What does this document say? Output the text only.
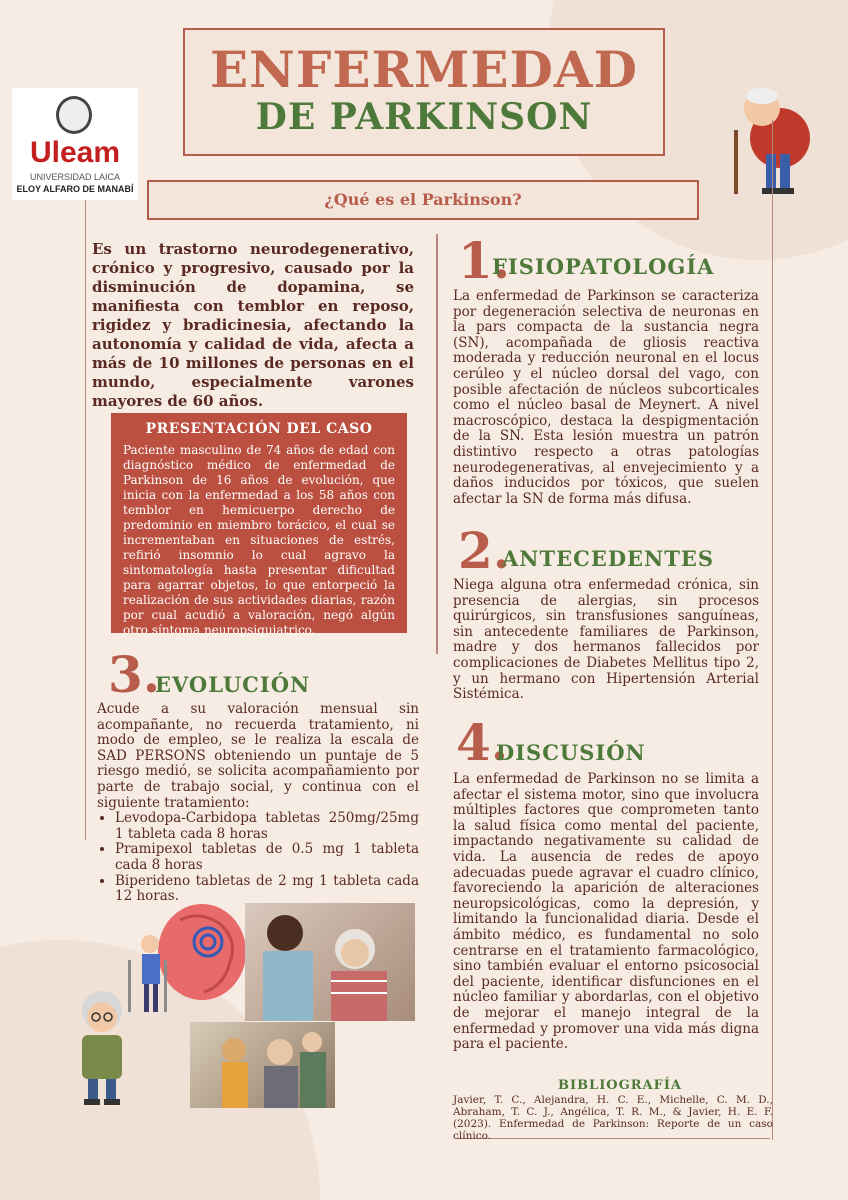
Uleam
UNIVERSIDAD LAICA
ELOY ALFARO DE MANABÍ
ENFERMEDAD
DE PARKINSON
¿Qué es el Parkinson?
Es un trastorno neurodegenerativo, crónico y progresivo, causado por la disminución de dopamina, se manifiesta con temblor en reposo, rigidez y bradicinesia, afectando la autonomía y calidad de vida, afecta a más de 10 millones de personas en el mundo, especialmente varones mayores de 60 años.
PRESENTACIÓN DEL CASO
Paciente masculino de 74 años de edad con diagnóstico médico de enfermedad de Parkinson de 16 años de evolución, que inicia con la enfermedad a los 58 años con temblor en hemicuerpo derecho de predominio en miembro torácico, el cual se incrementaban en situaciones de estrés, refirió insomnio lo cual agravo la sintomatología hasta presentar dificultad para agarrar objetos, lo que entorpeció la realización de sus actividades diarias, razón por cual acudió a valoración, negó algún otro síntoma neuropsiquiatrico.
1.
FISIOPATOLOGÍA
La enfermedad de Parkinson se caracteriza por degeneración selectiva de neuronas en la pars compacta de la sustancia negra (SN), acompañada de gliosis reactiva moderada y reducción neuronal en el locus cerúleo y el núcleo dorsal del vago, con posible afectación de núcleos subcorticales como el núcleo basal de Meynert. A nivel macroscópico, destaca la despigmentación de la SN. Esta lesión muestra un patrón distintivo respecto a otras patologías neurodegenerativas, al envejecimiento y a daños inducidos por tóxicos, que suelen afectar la SN de forma más difusa.
2.
ANTECEDENTES
Niega alguna otra enfermedad crónica, sin presencia de alergias, sin procesos quirúrgicos, sin transfusiones sanguíneas, sin antecedente familiares de Parkinson, madre y dos hermanos fallecidos por complicaciones de Diabetes Mellitus tipo 2, y un hermano con Hipertensión Arterial Sistémica.
3.
EVOLUCIÓN
Acude a su valoración mensual sin acompañante, no recuerda tratamiento, ni modo de empleo, se le realiza la escala de SAD PERSONS obteniendo un puntaje de 5 riesgo medió, se solicita acompañamiento por parte de trabajo social, y continua con el siguiente tratamiento:
• Levodopa-Carbidopa tabletas 250mg/25mg 1 tableta cada 8 horas
• Pramipexol tabletas de 0.5 mg 1 tableta cada 8 horas
• Biperideno tabletas de 2 mg 1 tableta cada 12 horas.
4.
DISCUSIÓN
La enfermedad de Parkinson no se limita a afectar el sistema motor, sino que involucra múltiples factores que comprometen tanto la salud física como mental del paciente, impactando negativamente su calidad de vida. La ausencia de redes de apoyo adecuadas puede agravar el cuadro clínico, favoreciendo la aparición de alteraciones neuropsicológicas, como la depresión, y limitando la funcionalidad diaria. Desde el ámbito médico, es fundamental no solo centrarse en el tratamiento farmacológico, sino también evaluar el entorno psicosocial del paciente, identificar disfunciones en el núcleo familiar y abordarlas, con el objetivo de mejorar el manejo integral de la enfermedad y promover una vida más digna para el paciente.
BIBLIOGRAFÍA
Javier, T. C., Alejandra, H. C. E., Michelle, C. M. D., Abraham, T. C. J., Angélica, T. R. M., & Javier, H. E. F. (2023). Enfermedad de Parkinson: Reporte de un caso clínico.
